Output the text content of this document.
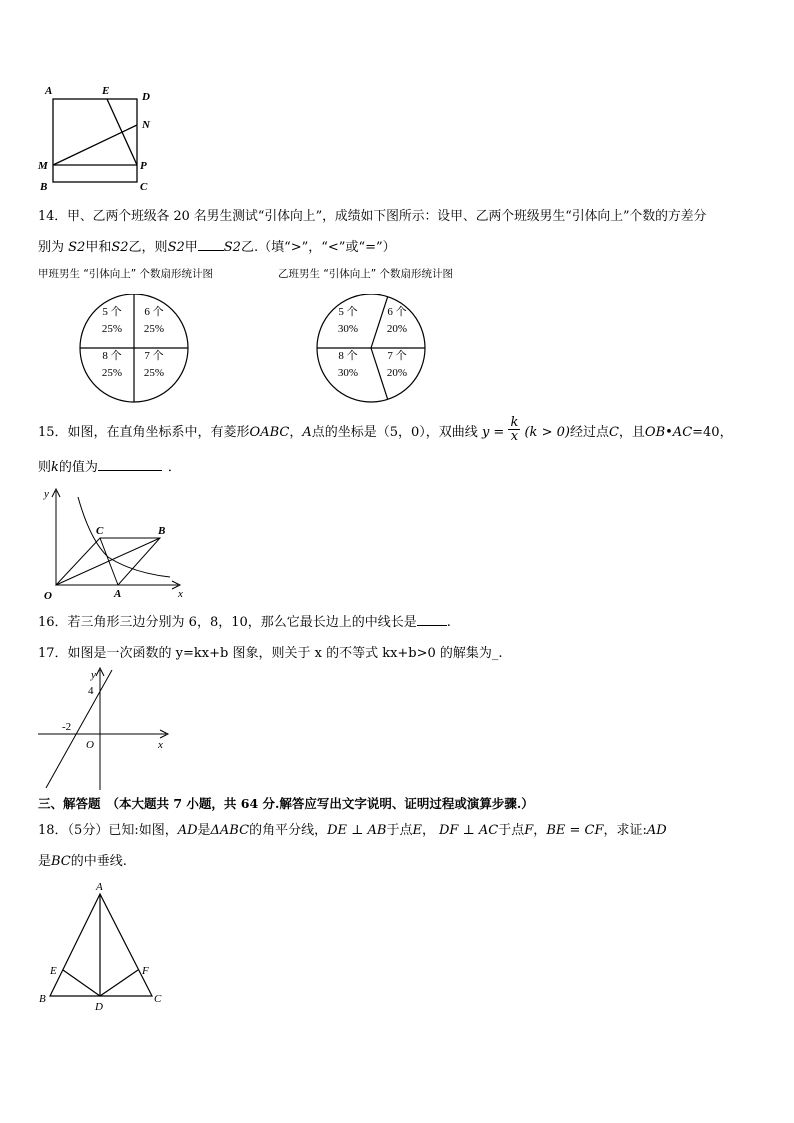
A	E	D
N
M	P
B	C
14．甲、乙两个班级各 20 名男生测试“引体向上”，成绩如下图所示：设甲、乙两个班级男生“引体向上”个数的方差分
别为 S2甲和S2乙，则S2甲 S2乙.（填“>”，“<”或“=”）
甲班男生 “引体向上” 个数扇形统计图	乙班男生 “引体向上” 个数扇形统计图
5 个
25%
6 个
25%
8 个
25%
7 个
25%
5 个
30%
6 个
20%
8 个
30%
7 个
20%
15．如图，在直角坐标系中，有菱形OABC，A点的坐标是（5，0），双曲线 $y = \frac{k}{x} (k > 0)$经过点C，且OB•AC=40，
则k的值为	．
y
x
O	A
B
C
16．若三角形三边分别为 6，8，10，那么它最长边上的中线长是 .
17．如图是一次函数的 y=kx+b 图象，则关于 x 的不等式 kx+b>0 的解集为_.
y
4
-2
O	x
三、解答题 （本大题共 7 小题，共 64 分.解答应写出文字说明、证明过程或演算步骤.）
18．（5分）已知:如图，AD是ΔABC的角平分线，DE ⊥ AB于点E， DF ⊥ AC于点F，BE = CF，求证:AD
是BC的中垂线.
A
E	F
B
D
C
